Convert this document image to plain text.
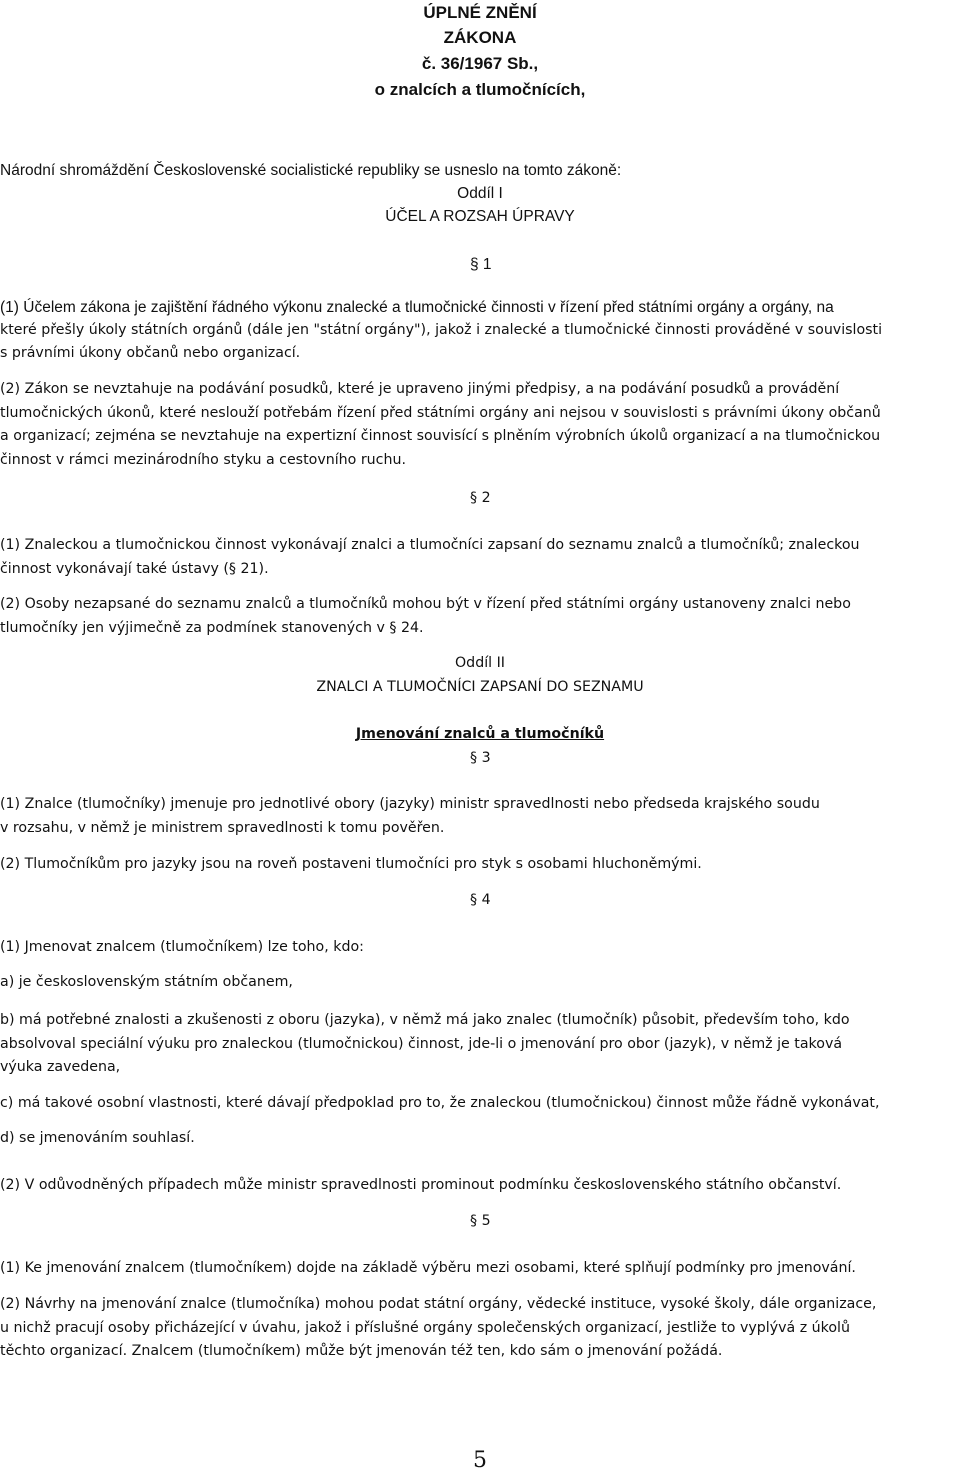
ÚPLNÉ ZNĚNÍ
ZÁKONA
č. 36/1967 Sb.,
o znalcích a tlumočnících,
Národní shromáždění Československé socialistické republiky se usneslo na tomto zákoně:
Oddíl I
ÚČEL A ROZSAH ÚPRAVY
§ 1
(1) Účelem zákona je zajištění řádného výkonu znalecké a tlumočnické činnosti v řízení před státními orgány a orgány, na
které přešly úkoly státních orgánů (dále jen "státní orgány"), jakož i znalecké a tlumočnické činnosti prováděné v souvislosti
s právními úkony občanů nebo organizací.
(2) Zákon se nevztahuje na podávání posudků, které je upraveno jinými předpisy, a na podávání posudků a provádění
tlumočnických úkonů, které neslouží potřebám řízení před státními orgány ani nejsou v souvislosti s právními úkony občanů
a organizací; zejména se nevztahuje na expertizní činnost souvisící s plněním výrobních úkolů organizací a na tlumočnickou
činnost v rámci mezinárodního styku a cestovního ruchu.
§ 2
(1) Znaleckou a tlumočnickou činnost vykonávají znalci a tlumočníci zapsaní do seznamu znalců a tlumočníků; znaleckou
činnost vykonávají také ústavy (§ 21).
(2) Osoby nezapsané do seznamu znalců a tlumočníků mohou být v řízení před státními orgány ustanoveny znalci nebo
tlumočníky jen výjimečně za podmínek stanovených v § 24.
Oddíl II
ZNALCI A TLUMOČNÍCI ZAPSANÍ DO SEZNAMU
Jmenování znalců a tlumočníků
§ 3
(1) Znalce (tlumočníky) jmenuje pro jednotlivé obory (jazyky) ministr spravedlnosti nebo předseda krajského soudu
v rozsahu, v němž je ministrem spravedlnosti k tomu pověřen.
(2) Tlumočníkům pro jazyky jsou na roveň postaveni tlumočníci pro styk s osobami hluchoněmými.
§ 4
(1) Jmenovat znalcem (tlumočníkem) lze toho, kdo:
a) je československým státním občanem,
b) má potřebné znalosti a zkušenosti z oboru (jazyka), v němž má jako znalec (tlumočník) působit, především toho, kdo
absolvoval speciální výuku pro znaleckou (tlumočnickou) činnost, jde-li o jmenování pro obor (jazyk), v němž je taková
výuka zavedena,
c) má takové osobní vlastnosti, které dávají předpoklad pro to, že znaleckou (tlumočnickou) činnost může řádně vykonávat,
d) se jmenováním souhlasí.
(2) V odůvodněných případech může ministr spravedlnosti prominout podmínku československého státního občanství.
§ 5
(1) Ke jmenování znalcem (tlumočníkem) dojde na základě výběru mezi osobami, které splňují podmínky pro jmenování.
(2) Návrhy na jmenování znalce (tlumočníka) mohou podat státní orgány, vědecké instituce, vysoké školy, dále organizace,
u nichž pracují osoby přicházející v úvahu, jakož i příslušné orgány společenských organizací, jestliže to vyplývá z úkolů
těchto organizací. Znalcem (tlumočníkem) může být jmenován též ten, kdo sám o jmenování požádá.
5
